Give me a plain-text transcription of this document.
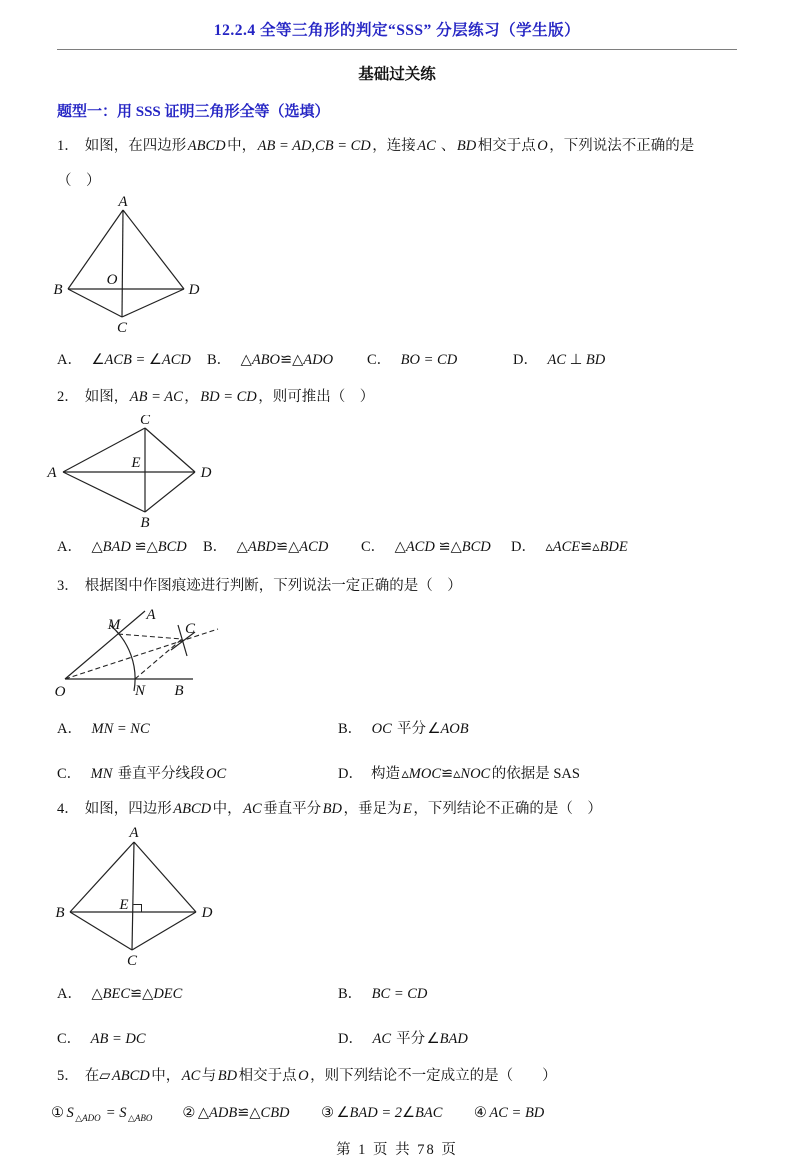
12.2.4 全等三角形的判定“SSS” 分层练习（学生版）
基础过关练
题型一：用 SSS 证明三角形全等（选填）
1． 如图，在四边形 ABCD 中， AB = AD,CB = CD ，连接 AC 、 BD 相交于点 O ，下列说法不正确的是
（　）
A
B	D
C
O
A． ∠ACB = ∠ACD	B． △ABO≌△ADO	C． BO = CD	D． AC ⊥ BD
2． 如图， AB = AC ， BD = CD ，则可推出（　）
C
A	D
B
E
A． △BAD ≌△BCD	B． △ABD≌△ACD	C． △ACD ≌△BCD	D． ▵ACE≌▵BDE
3． 根据图中作图痕迹进行判断，下列说法一定正确的是（　）
A
M	C
O	N B
A． MN = NC	B． OC 平分 ∠AOB
C． MN 垂直平分线段 OC	D． 构造 ▵MOC≌▵NOC 的依据是 SAS
4． 如图，四边形 ABCD 中， AC 垂直平分 BD ，垂足为 E ，下列结论不正确的是（　）
A
B	D
C
E
A． △BEC≌△DEC	B． BC = CD
C． AB = DC	D． AC 平分 ∠BAD
5． 在▱ ABCD 中， AC 与 BD 相交于点 O ，则下列结论不一定成立的是（　　）
① S $_{\triangle ADO}$ = S $_{\triangle ABO}$ ② △ADB≌△CBD ③ ∠BAD = 2∠BAC ④ AC = BD
第 1 页 共 78 页
